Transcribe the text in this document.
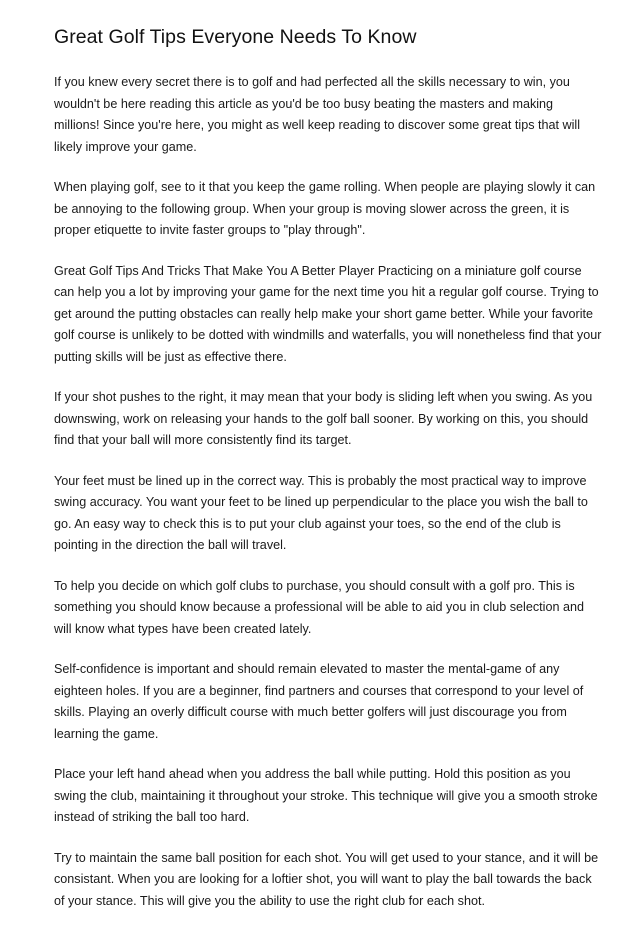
Great Golf Tips Everyone Needs To Know

If you knew every secret there is to golf and had perfected all the skills necessary to win, you wouldn't be here reading this article as you'd be too busy beating the masters and making millions! Since you're here, you might as well keep reading to discover some great tips that will likely improve your game.

When playing golf, see to it that you keep the game rolling. When people are playing slowly it can be annoying to the following group. When your group is moving slower across the green, it is proper etiquette to invite faster groups to "play through".

Great Golf Tips And Tricks That Make You A Better Player Practicing on a miniature golf course can help you a lot by improving your game for the next time you hit a regular golf course. Trying to get around the putting obstacles can really help make your short game better. While your favorite golf course is unlikely to be dotted with windmills and waterfalls, you will nonetheless find that your putting skills will be just as effective there.

If your shot pushes to the right, it may mean that your body is sliding left when you swing. As you downswing, work on releasing your hands to the golf ball sooner. By working on this, you should find that your ball will more consistently find its target.

Your feet must be lined up in the correct way. This is probably the most practical way to improve swing accuracy. You want your feet to be lined up perpendicular to the place you wish the ball to go. An easy way to check this is to put your club against your toes, so the end of the club is pointing in the direction the ball will travel.

To help you decide on which golf clubs to purchase, you should consult with a golf pro. This is something you should know because a professional will be able to aid you in club selection and will know what types have been created lately.

Self-confidence is important and should remain elevated to master the mental-game of any eighteen holes. If you are a beginner, find partners and courses that correspond to your level of skills. Playing an overly difficult course with much better golfers will just discourage you from learning the game.

Place your left hand ahead when you address the ball while putting. Hold this position as you swing the club, maintaining it throughout your stroke. This technique will give you a smooth stroke instead of striking the ball too hard.

Try to maintain the same ball position for each shot. You will get used to your stance, and it will be consistant. When you are looking for a loftier shot, you will want to play the ball towards the back of your stance. This will give you the ability to use the right club for each shot.
